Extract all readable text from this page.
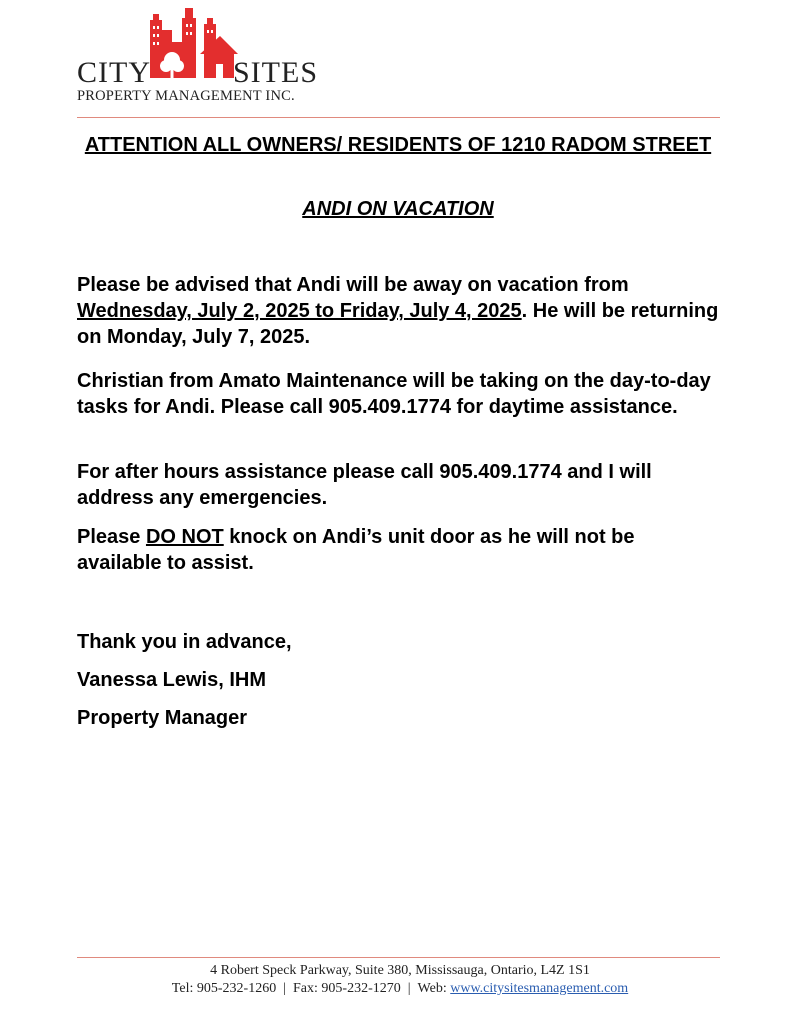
CITY	SITES
PROPERTY MANAGEMENT INC.
ATTENTION ALL OWNERS/ RESIDENTS OF 1210 RADOM STREET
ANDI ON VACATION

Please be advised that Andi will be away on vacation from Wednesday, July 2, 2025 to Friday, July 4, 2025. He will be returning on Monday, July 7, 2025.

Christian from Amato Maintenance will be taking on the day-to-day tasks for Andi. Please call 905.409.1774 for daytime assistance.

For after hours assistance please call 905.409.1774 and I will address any emergencies.

Please DO NOT knock on Andi’s unit door as he will not be available to assist.

Thank you in advance,
Vanessa Lewis, IHM
Property Manager
4 Robert Speck Parkway, Suite 380, Mississauga, Ontario, L4Z 1S1
Tel: 905-232-1260 | Fax: 905-232-1270 | Web: www.citysitesmanagement.com
